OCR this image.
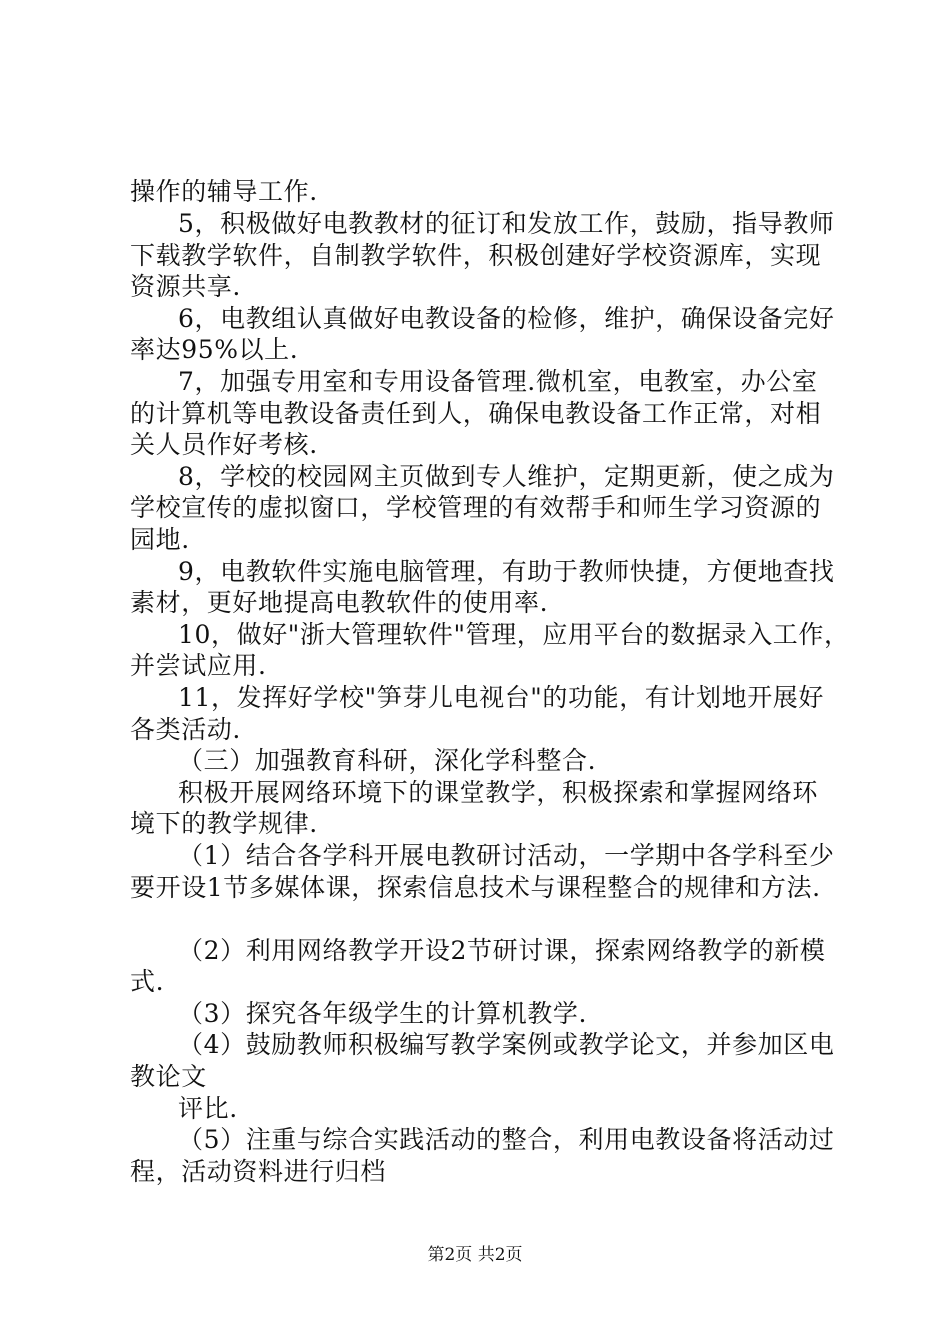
操作的辅导工作.
5，积极做好电教教材的征订和发放工作，鼓励，指导教师
下载教学软件，自制教学软件，积极创建好学校资源库，实现
资源共享.
6，电教组认真做好电教设备的检修，维护，确保设备完好
率达95%以上.
7，加强专用室和专用设备管理.微机室，电教室，办公室
的计算机等电教设备责任到人，确保电教设备工作正常，对相
关人员作好考核.
8，学校的校园网主页做到专人维护，定期更新，使之成为
学校宣传的虚拟窗口，学校管理的有效帮手和师生学习资源的
园地.
9，电教软件实施电脑管理，有助于教师快捷，方便地查找
素材，更好地提高电教软件的使用率.
10，做好"浙大管理软件"管理，应用平台的数据录入工作，
并尝试应用.
11，发挥好学校"笋芽儿电视台"的功能，有计划地开展好
各类活动.
（三）加强教育科研，深化学科整合.
积极开展网络环境下的课堂教学，积极探索和掌握网络环
境下的教学规律.
（1）结合各学科开展电教研讨活动，一学期中各学科至少
要开设1节多媒体课，探索信息技术与课程整合的规律和方法.
（2）利用网络教学开设2节研讨课，探索网络教学的新模
式.
（3）探究各年级学生的计算机教学.
（4）鼓励教师积极编写教学案例或教学论文，并参加区电
教论文
评比.
（5）注重与综合实践活动的整合，利用电教设备将活动过
程，活动资料进行归档
第2页 共2页
